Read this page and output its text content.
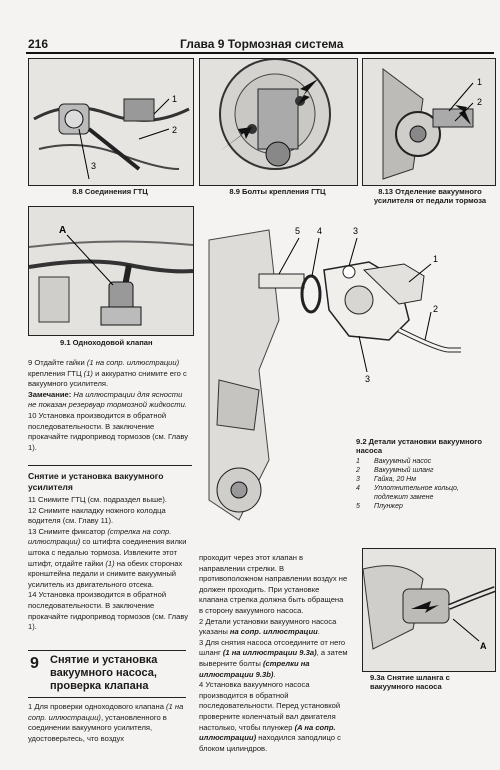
216	Глава 9 Тормозная система
1
2
3
8.8 Соединения ГТЦ	8.9 Болты крепления ГТЦ
1
2
8.13 Отделение вакуумного усилителя от педали тормоза
A
9.1 Одноходовой клапан
5 4	3
1
2
3
9.2 Детали установки вакуумного насоса
1	Вакуумный насос
2	Вакуумный шланг
3	Гайка, 20 Нм
4	Уплотнительное кольцо, подлежит замене
5	Плунжер

9 Отдайте гайки (1 на сопр. иллюстрации) крепления ГТЦ (1) и аккуратно снимите его с вакуумного усилителя.

Замечание: На иллюстрации для ясности не показан резервуар тормозной жидкости.

10 Установка производится в обратной последовательности. В заключение прокачайте гидропривод тормозов (см. Главу 1).

Снятие и установка вакуумного усилителя

11 Снимите ГТЦ (см. подраздел выше).

12 Снимите накладку ножного колодца водителя (см. Главу 11).

13 Снимите фиксатор (стрелка на сопр. иллюстрации) со штифта соединения вилки штока с педалью тормоза. Извлеките этот штифт, отдайте гайки (1) на обеих сторонах кронштейна педали и снимите вакуумный усилитель из двигательного отсека.

14 Установка производится в обратной последовательности. В заключение прокачайте гидропривод тормозов (см. Главу 1).

9 Снятие и установка вакуумного насоса, проверка клапана

1 Для проверки одноходового клапана (1 на сопр. иллюстрации), установленного в соединении вакуумного усилителя, удостоверьтесь, что воздух

проходит через этот клапан в направлении стрелки. В противоположном направлении воздух не должен проходить. При установке клапана стрелка должна быть обращена в сторону вакуумного насоса.

2 Детали установки вакуумного насоса указаны на сопр. иллюстрации.

3 Для снятия насоса отсоедините от него шланг (1 на иллюстрации 9.3a), а затем выверните болты (стрелки на иллюстрации 9.3b).

4 Установка вакуумного насоса производится в обратной последовательности. Перед установкой проверните коленчатый вал двигателя настолько, чтобы плунжер (A на сопр. иллюстрации) находился заподлицо с блоком цилиндров.

A
9.3a Снятие шланга с вакуумного насоса
